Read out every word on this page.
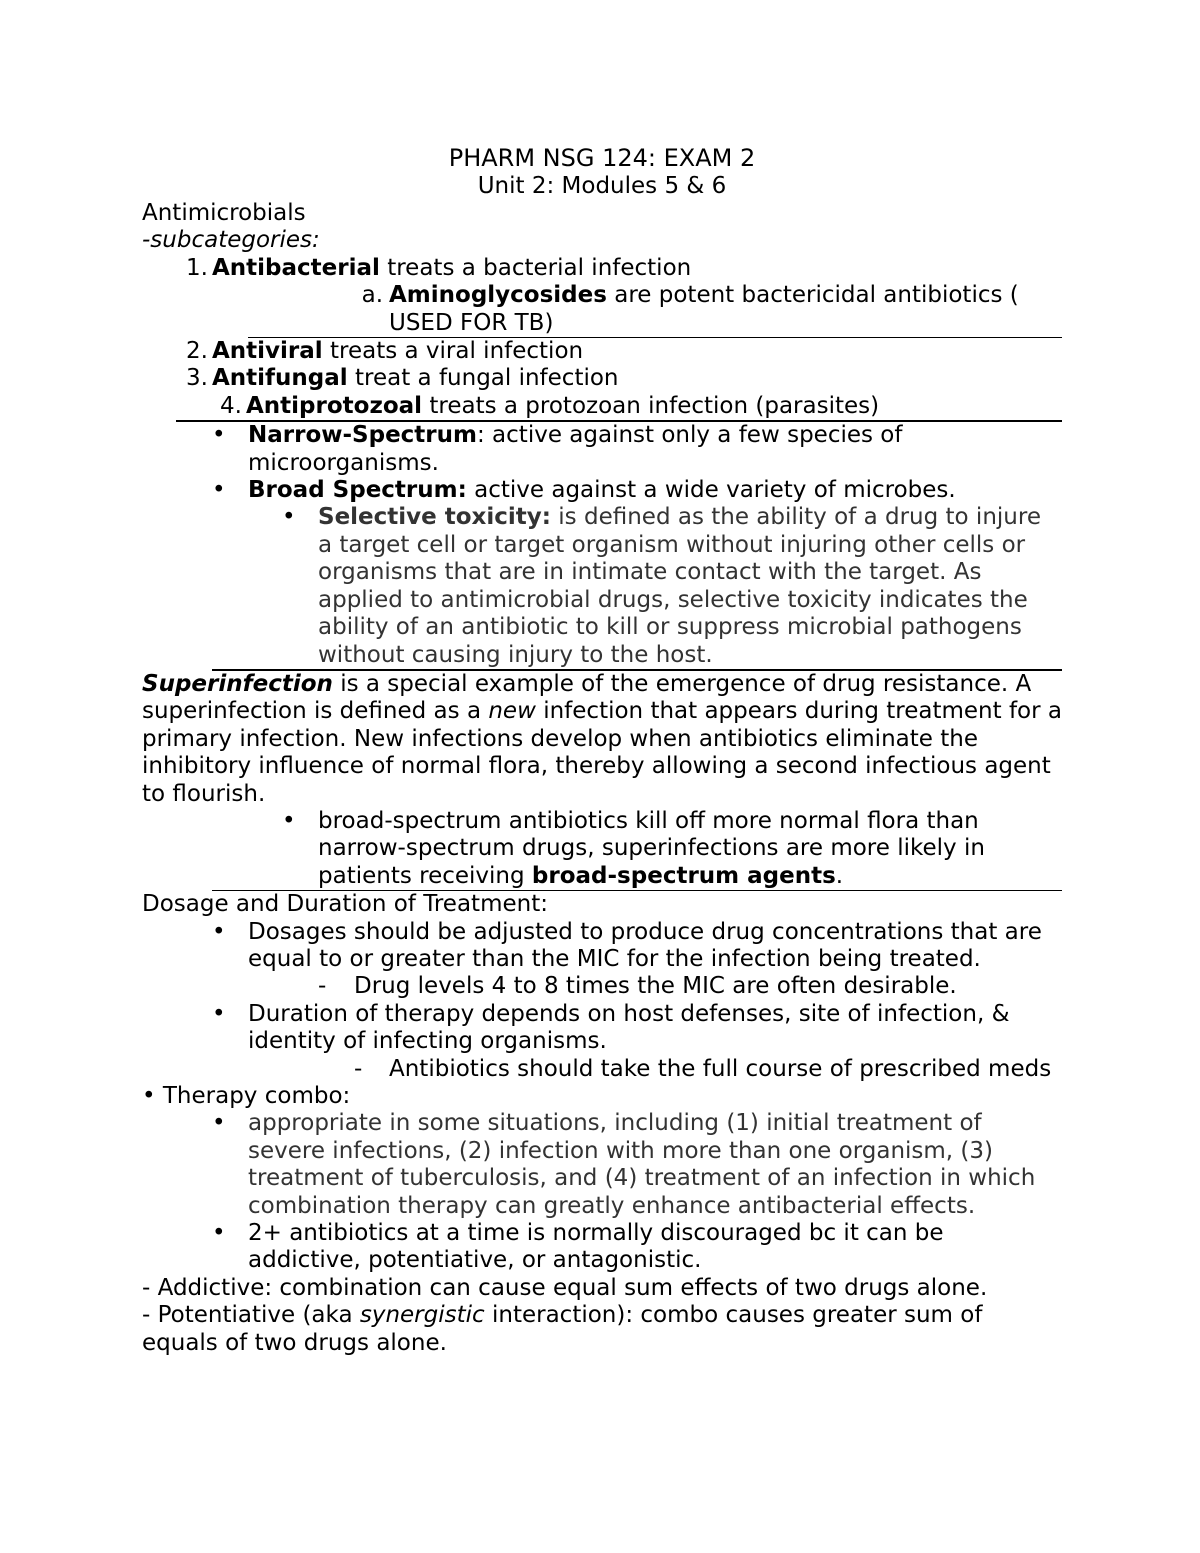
PHARM NSG 124: EXAM 2
Unit 2: Modules 5 & 6
Antimicrobials
-subcategories:
1. Antibacterial treats a bacterial infection
a. Aminoglycosides are potent bactericidal antibiotics ( USED FOR TB)
2. Antiviral treats a viral infection
3. Antifungal treat a fungal infection
4. Antiprotozoal treats a protozoan infection (parasites)
• Narrow-Spectrum: active against only a few species of microorganisms.
• Broad Spectrum: active against a wide variety of microbes.
• Selective toxicity: is defined as the ability of a drug to injure a target cell or target organism without injuring other cells or organisms that are in intimate contact with the target. As applied to antimicrobial drugs, selective toxicity indicates the ability of an antibiotic to kill or suppress microbial pathogens without causing injury to the host.
Superinfection is a special example of the emergence of drug resistance. A superinfection is defined as a new infection that appears during treatment for a primary infection. New infections develop when antibiotics eliminate the inhibitory influence of normal flora, thereby allowing a second infectious agent to flourish.
• broad-spectrum antibiotics kill off more normal flora than narrow-spectrum drugs, superinfections are more likely in patients receiving broad-spectrum agents.
Dosage and Duration of Treatment:
• Dosages should be adjusted to produce drug concentrations that are equal to or greater than the MIC for the infection being treated.
-	Drug levels 4 to 8 times the MIC are often desirable.
• Duration of therapy depends on host defenses, site of infection, & identity of infecting organisms.
-	Antibiotics should take the full course of prescribed meds
• Therapy combo:
• appropriate in some situations, including (1) initial treatment of severe infections, (2) infection with more than one organism, (3) treatment of tuberculosis, and (4) treatment of an infection in which combination therapy can greatly enhance antibacterial effects.
• 2+ antibiotics at a time is normally discouraged bc it can be addictive, potentiative, or antagonistic.
- Addictive: combination can cause equal sum effects of two drugs alone.
- Potentiative (aka synergistic interaction): combo causes greater sum of equals of two drugs alone.
